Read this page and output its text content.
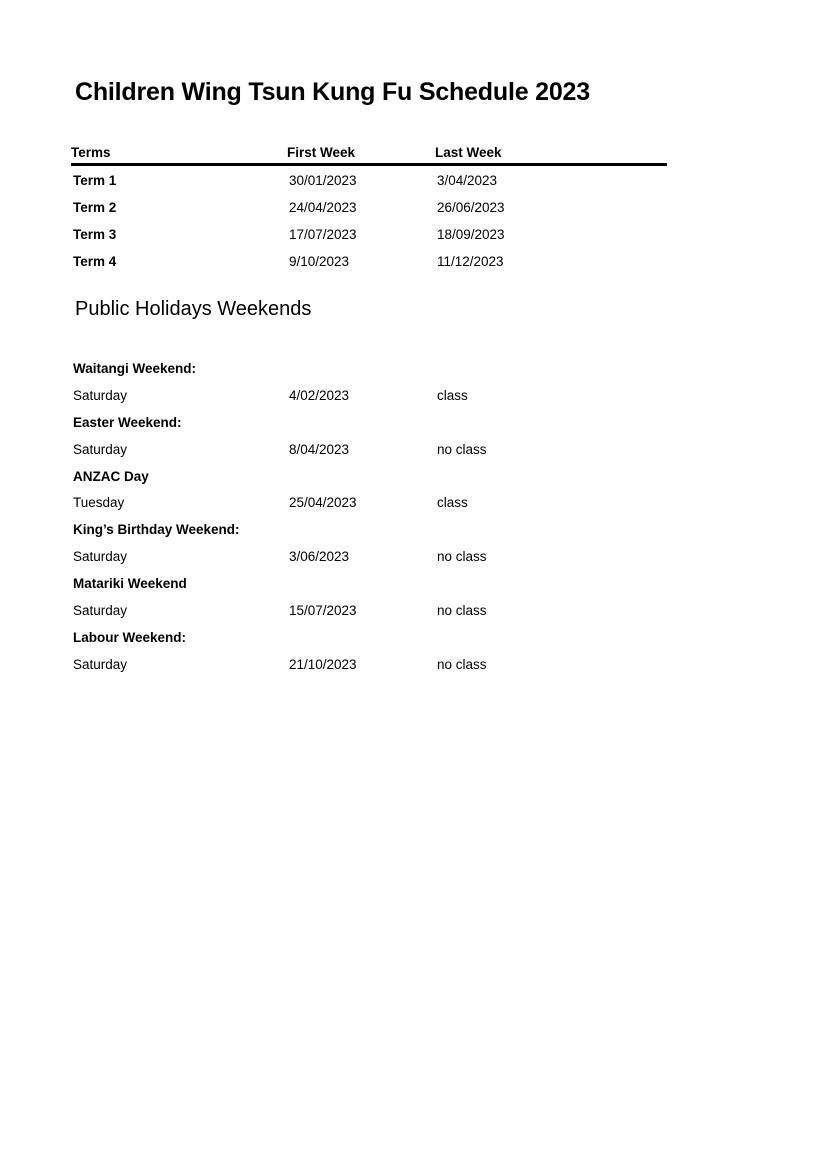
Children Wing Tsun Kung Fu Schedule 2023
Terms	First Week	Last Week
Term 1	30/01/2023	3/04/2023
Term 2	24/04/2023	26/06/2023
Term 3	17/07/2023	18/09/2023
Term 4	9/10/2023	11/12/2023
Public Holidays Weekends
Waitangi Weekend:
Saturday	4/02/2023	class
Easter Weekend:
Saturday	8/04/2023	no class
ANZAC Day
Tuesday	25/04/2023	class
King’s Birthday Weekend:
Saturday	3/06/2023	no class
Matariki Weekend
Saturday	15/07/2023	no class
Labour Weekend:
Saturday	21/10/2023	no class
